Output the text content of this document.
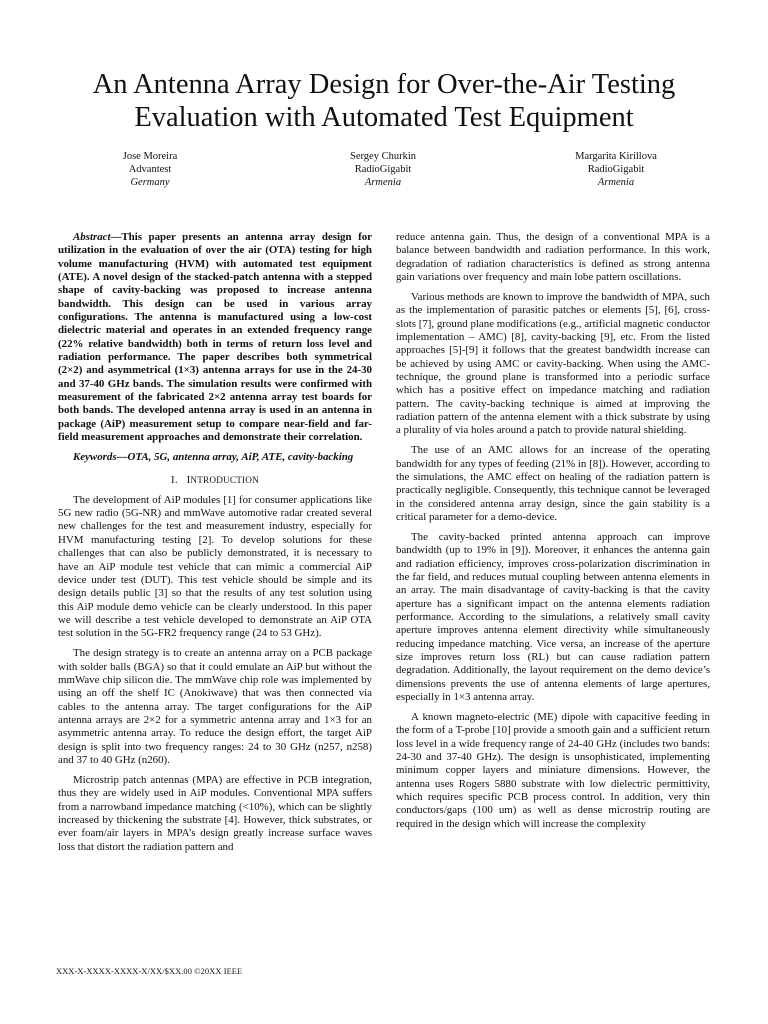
An Antenna Array Design for Over-the-Air Testing Evaluation with Automated Test Equipment
Jose Moreira
Advantest
Germany
Sergey Churkin
RadioGigabit
Armenia
Margarita Kirillova
RadioGigabit
Armenia

Abstract—This paper presents an antenna array design for utilization in the evaluation of over the air (OTA) testing for high volume manufacturing (HVM) with automated test equipment (ATE). A novel design of the stacked-patch antenna with a stepped shape of cavity-backing was proposed to increase antenna bandwidth. This design can be used in various array configurations. The antenna is manufactured using a low-cost dielectric material and operates in an extended frequency range (22% relative bandwidth) both in terms of return loss level and radiation performance. The paper describes both symmetrical (2×2) and asymmetrical (1×3) antenna arrays for use in the 24-30 and 37-40 GHz bands. The simulation results were confirmed with measurement of the fabricated 2×2 antenna array test boards for both bands. The developed antenna array is used in an antenna in package (AiP) measurement setup to compare near-field and far-field measurement approaches and demonstrate their correlation.

Keywords—OTA, 5G, antenna array, AiP, ATE, cavity-backing

I. INTRODUCTION

The development of AiP modules [1] for consumer applications like 5G new radio (5G-NR) and mmWave automotive radar created several new challenges for the test and measurement industry, especially for HVM manufacturing testing [2]. To develop solutions for these challenges that can also be publicly demonstrated, it is necessary to have an AiP module test vehicle that can mimic a commercial AiP device under test (DUT). This test vehicle should be simple and its design details public [3] so that the results of any test solution using this AiP module demo vehicle can be clearly understood. In this paper we will describe a test vehicle developed to demonstrate an AiP OTA test solution in the 5G-FR2 frequency range (24 to 53 GHz).

The design strategy is to create an antenna array on a PCB package with solder balls (BGA) so that it could emulate an AiP but without the mmWave chip silicon die. The mmWave chip role was implemented by using an off the shelf IC (Anokiwave) that was then connected via cables to the antenna array. The target configurations for the AiP antenna arrays are 2×2 for a symmetric antenna array and 1×3 for an asymmetric antenna array. To reduce the design effort, the target AiP design is split into two frequency ranges: 24 to 30 GHz (n257, n258) and 37 to 40 GHz (n260).

Microstrip patch antennas (MPA) are effective in PCB integration, thus they are widely used in AiP modules. Conventional MPA suffers from a narrowband impedance matching (<10%), which can be slightly increased by thickening the substrate [4]. However, thick substrates, or ever foam/air layers in MPA’s design greatly increase surface waves loss that distort the radiation pattern and

reduce antenna gain. Thus, the design of a conventional MPA is a balance between bandwidth and radiation performance. In this work, degradation of radiation characteristics is defined as strong antenna gain variations over frequency and main lobe pattern oscillations.

Various methods are known to improve the bandwidth of MPA, such as the implementation of parasitic patches or elements [5], [6], cross-slots [7], ground plane modifications (e.g., artificial magnetic conductor implementation – AMC) [8], cavity-backing [9], etc. From the listed approaches [5]-[9] it follows that the greatest bandwidth increase can be achieved by using AMC or cavity-backing. When using the AMC-technique, the ground plane is transformed into a periodic surface which has a positive effect on impedance matching and radiation pattern. The cavity-backing technique is aimed at improving the radiation pattern of the antenna element with a thick substrate by using a plurality of via holes around a patch to provide natural shielding.

The use of an AMC allows for an increase of the operating bandwidth for any types of feeding (21% in [8]). However, according to the simulations, the AMC effect on healing of the radiation pattern is practically negligible. Consequently, this technique cannot be leveraged in the considered antenna array design, since the gain stability is a critical parameter for a demo-device.

The cavity-backed printed antenna approach can improve bandwidth (up to 19% in [9]). Moreover, it enhances the antenna gain and radiation efficiency, improves cross-polarization discrimination in the far field, and reduces mutual coupling between antenna elements in an array. The main disadvantage of cavity-backing is that the cavity aperture has a significant impact on the antenna elements radiation performance. According to the simulations, a relatively small cavity aperture improves antenna element directivity while simultaneously reducing impedance matching. Vice versa, an increase of the aperture size improves return loss (RL) but can cause radiation pattern degradation. Additionally, the layout requirement on the demo device’s dimensions prevents the use of antenna elements of large apertures, especially in 1×3 antenna array.

A known magneto-electric (ME) dipole with capacitive feeding in the form of a T-probe [10] provide a smooth gain and a sufficient return loss level in a wide frequency range of 24-40 GHz (includes two bands: 24-30 and 37-40 GHz). The design is unsophisticated, implementing minimum copper layers and miniature dimensions. However, the antenna uses Rogers 5880 substrate with low dielectric permittivity, which requires specific PCB process control. In addition, very thin conductors/gaps (100 um) as well as dense microstrip routing are required in the design which will increase the complexity

XXX-X-XXXX-XXXX-X/XX/$XX.00 ©20XX IEEE
